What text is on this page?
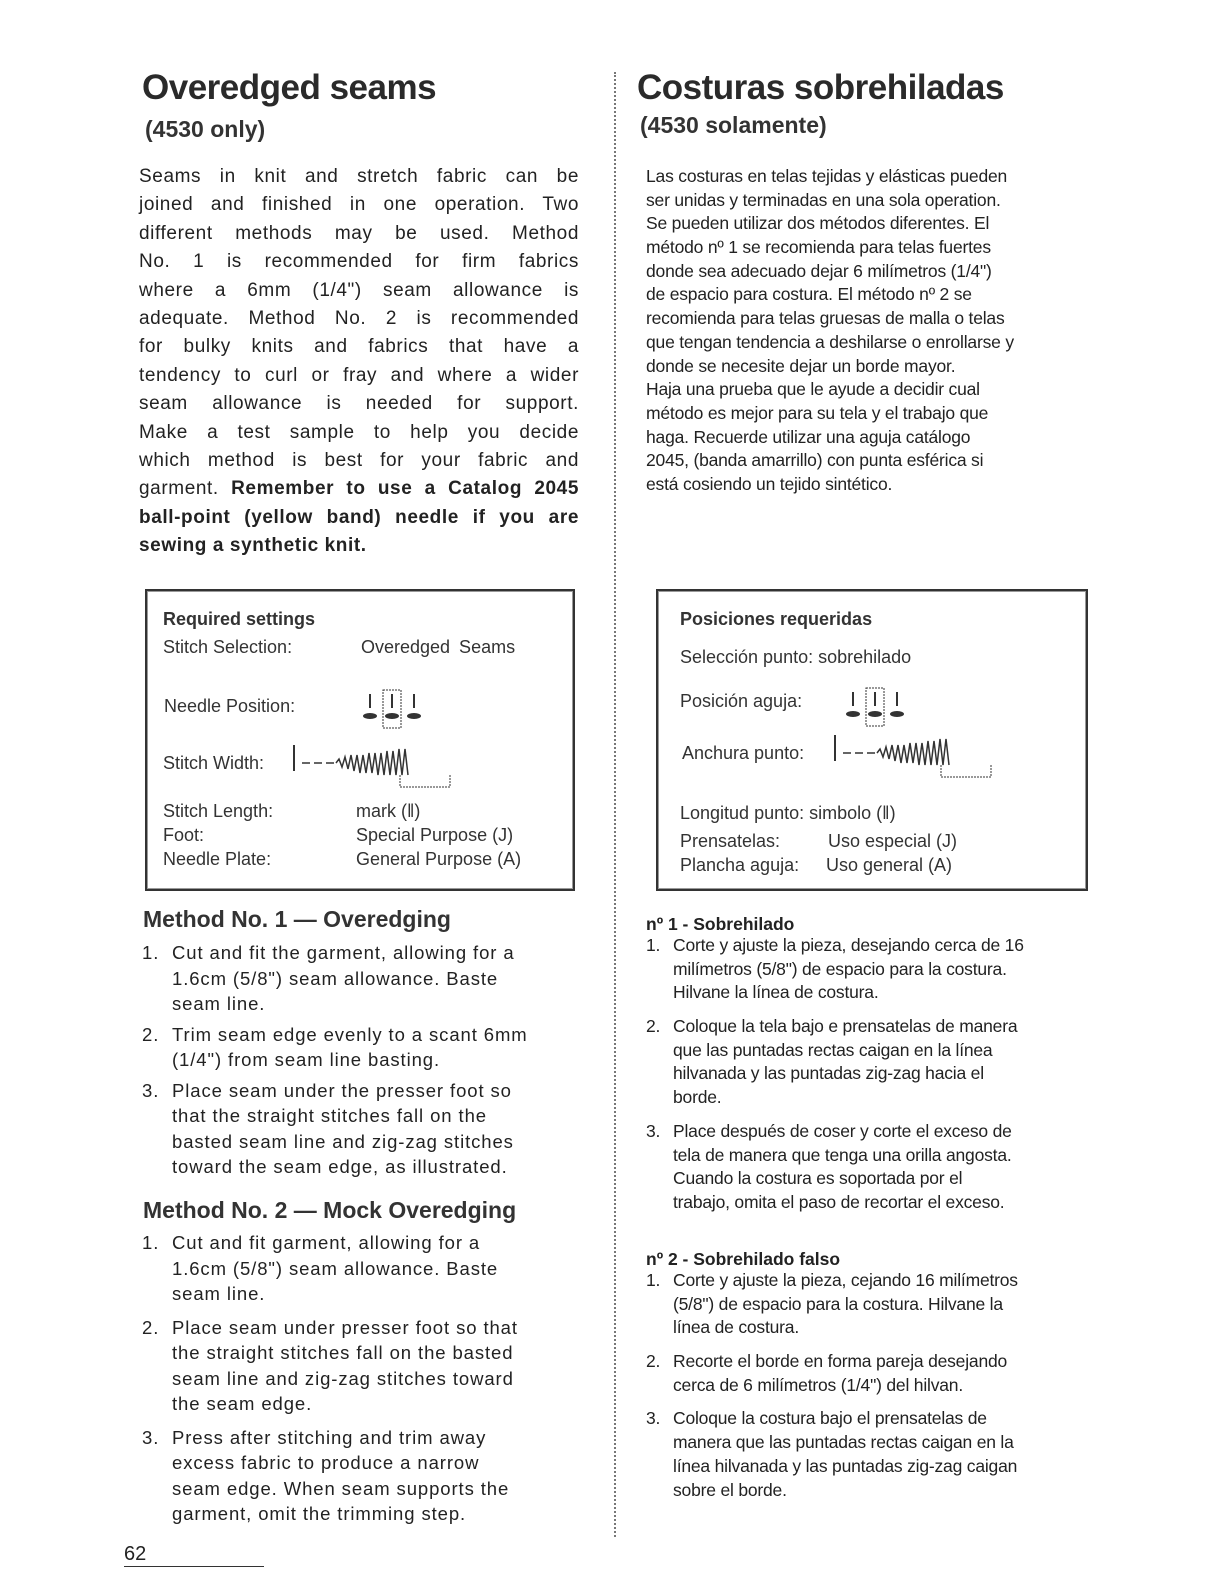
Overedged seams
(4530 only)
Seams in knit and stretch fabric can be
joined and finished in one operation. Two
different methods may be used. Method
No. 1 is recommended for firm fabrics
where a 6mm (1/4") seam allowance is
adequate. Method No. 2 is recommended
for bulky knits and fabrics that have a
tendency to curl or fray and where a wider
seam allowance is needed for support.
Make a test sample to help you decide
which method is best for your fabric and
garment. Remember to use a Catalog 2045
ball-point (yellow band) needle if you are
sewing a synthetic knit.
Required settings
Stitch Selection:	Overedged Seams
Needle Position:
Stitch Width:
Stitch Length:	mark (‖)
Foot:	Special Purpose (J)
Needle Plate:	General Purpose (A)
Method No. 1 — Overedging
1. Cut and fit the garment, allowing for a
1.6cm (5/8") seam allowance. Baste
seam line.
2. Trim seam edge evenly to a scant 6mm
(1/4") from seam line basting.
3. Place seam under the presser foot so
that the straight stitches fall on the
basted seam line and zig-zag stitches
toward the seam edge, as illustrated.
Method No. 2 — Mock Overedging
1. Cut and fit garment, allowing for a
1.6cm (5/8") seam allowance. Baste
seam line.
2. Place seam under presser foot so that
the straight stitches fall on the basted
seam line and zig-zag stitches toward
the seam edge.
3. Press after stitching and trim away
excess fabric to produce a narrow
seam edge. When seam supports the
garment, omit the trimming step.
62
Costuras sobrehiladas
(4530 solamente)
Las costuras en telas tejidas y elásticas pueden
ser unidas y terminadas en una sola operation.
Se pueden utilizar dos métodos diferentes. El
método nº 1 se recomienda para telas fuertes
donde sea adecuado dejar 6 milímetros (1/4")
de espacio para costura. El método nº 2 se
recomienda para telas gruesas de malla o telas
que tengan tendencia a deshilarse o enrollarse y
donde se necesite dejar un borde mayor.
Haja una prueba que le ayude a decidir cual
método es mejor para su tela y el trabajo que
haga. Recuerde utilizar una aguja catálogo
2045, (banda amarrillo) con punta esférica si
está cosiendo un tejido sintético.
Posiciones requeridas
Selección punto: sobrehilado
Posición aguja:
Anchura punto:
Longitud punto: simbolo (‖)
Prensatelas:	Uso especial (J)
Plancha aguja: Uso general (A)
nº 1 - Sobrehilado
1. Corte y ajuste la pieza, desejando cerca de 16
milímetros (5/8") de espacio para la costura.
Hilvane la línea de costura.
2. Coloque la tela bajo e prensatelas de manera
que las puntadas rectas caigan en la línea
hilvanada y las puntadas zig-zag hacia el
borde.
3. Place después de coser y corte el exceso de
tela de manera que tenga una orilla angosta.
Cuando la costura es soportada por el
trabajo, omita el paso de recortar el exceso.
nº 2 - Sobrehilado falso
1. Corte y ajuste la pieza, cejando 16 milímetros
(5/8") de espacio para la costura. Hilvane la
línea de costura.
2. Recorte el borde en forma pareja desejando
cerca de 6 milímetros (1/4") del hilvan.
3. Coloque la costura bajo el prensatelas de
manera que las puntadas rectas caigan en la
línea hilvanada y las puntadas zig-zag caigan
sobre el borde.
